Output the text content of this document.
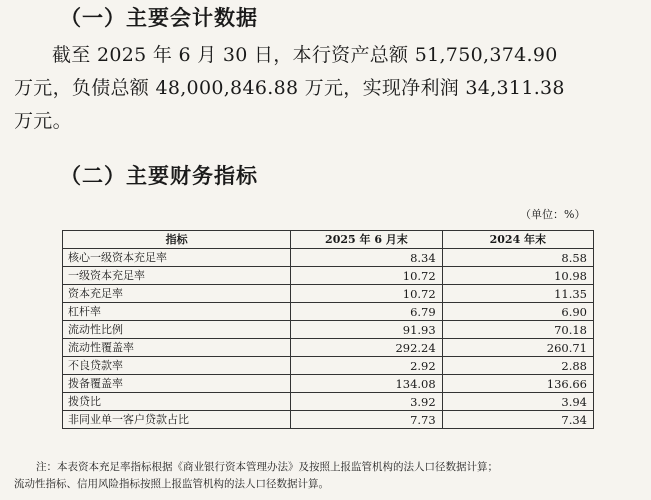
（一）主要会计数据
截至 2025 年 6 月 30 日，本行资产总额 51,750,374.90
万元，负债总额 48,000,846.88 万元，实现净利润 34,311.38
万元。
（二）主要财务指标
（单位：%）
指标	2025 年 6 月末	2024 年末
核心一级资本充足率	8.34	8.58
一级资本充足率	10.72	10.98
资本充足率	10.72	11.35
杠杆率	6.79	6.90
流动性比例	91.93	70.18
流动性覆盖率	292.24	260.71
不良贷款率	2.92	2.88
拨备覆盖率	134.08	136.66
拨贷比	3.92	3.94
非同业单一客户贷款占比	7.73	7.34
注：本表资本充足率指标根据《商业银行资本管理办法》及按照上报监管机构的法人口径数据计算；
流动性指标、信用风险指标按照上报监管机构的法人口径数据计算。
